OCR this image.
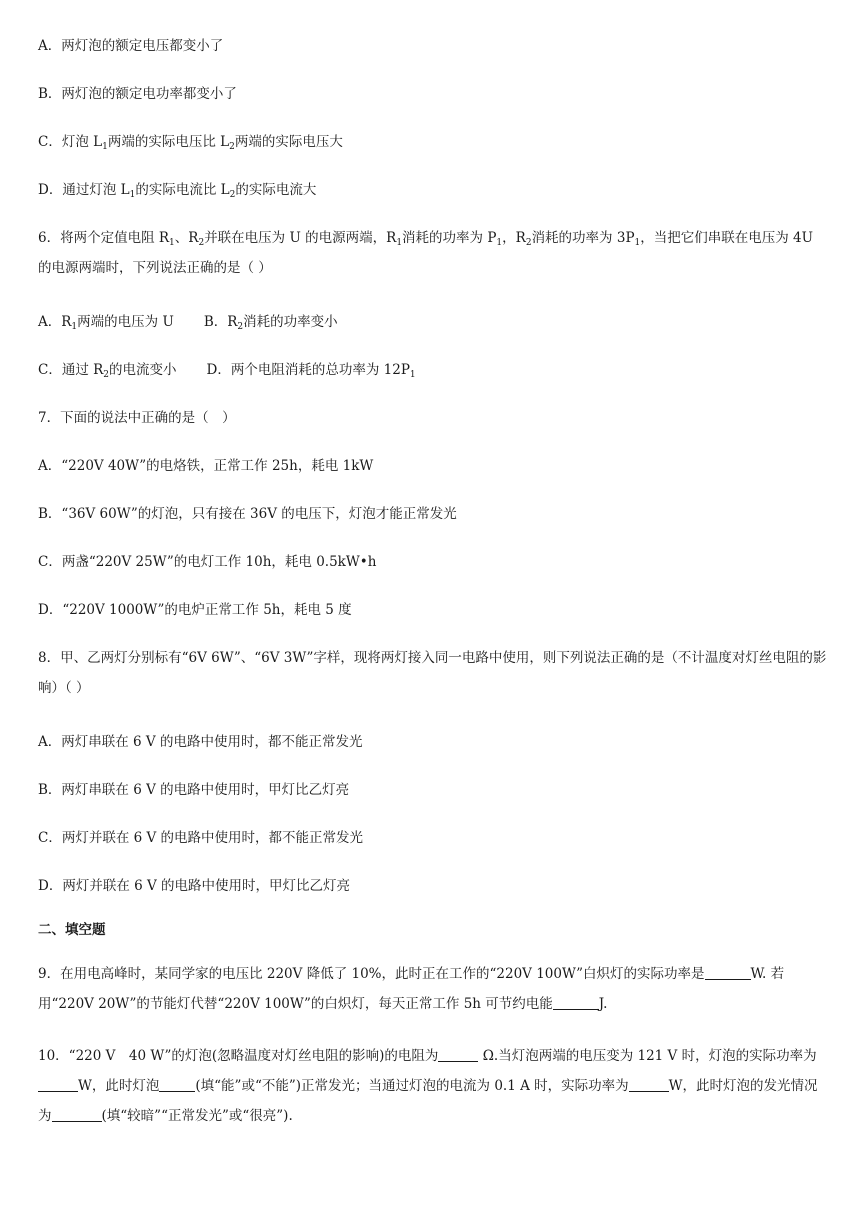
A．两灯泡的额定电压都变小了
B．两灯泡的额定电功率都变小了
C．灯泡 $L_1$两端的实际电压比 $L_2$两端的实际电压大
D．通过灯泡 $L_1$的实际电流比 $L_2$的实际电流大
6．将两个定值电阻 $R_1$、$R_2$并联在电压为 U 的电源两端，$R_1$消耗的功率为 $P_1$，$R_2$消耗的功率为 $3P_1$，当把它们串联在电压为 4U 的电源两端时，下列说法正确的是（ ）
A．$R_1$两端的电压为 U B．$R_2$消耗的功率变小
C．通过 $R_2$的电流变小 D．两个电阻消耗的总功率为 $12P_1$
7．下面的说法中正确的是（　）
A．“220V 40W”的电烙铁，正常工作 25h，耗电 1kW
B．“36V 60W”的灯泡，只有接在 36V 的电压下，灯泡才能正常发光
C．两盏“220V 25W”的电灯工作 10h，耗电 0.5kW•h
D．“220V 1000W”的电炉正常工作 5h，耗电 5 度
8．甲、乙两灯分别标有“6V 6W”、“6V 3W”字样，现将两灯接入同一电路中使用，则下列说法正确的是（不计温度对灯丝电阻的影响）（ ）
A．两灯串联在 6 V 的电路中使用时，都不能正常发光
B．两灯串联在 6 V 的电路中使用时，甲灯比乙灯亮
C．两灯并联在 6 V 的电路中使用时，都不能正常发光
D．两灯并联在 6 V 的电路中使用时，甲灯比乙灯亮
二、填空题
9．在用电高峰时，某同学家的电压比 220V 降低了 10%，此时正在工作的“220V 100W”白炽灯的实际功率是	W. 若用“220V 20W”的节能灯代替“220V 100W”的白炽灯，每天正常工作 5h 可节约电能	J.
10．“220 V　40 W”的灯泡(忽略温度对灯丝电阻的影响)的电阻为	Ω.当灯泡两端的电压变为 121 V 时，灯泡的实际功率为W，此时灯泡	(填“能”或“不能”)正常发光；当通过灯泡的电流为 0.1 A 时，实际功率为	W，此时灯泡的发光情况为	(填“较暗”“正常发光”或“很亮”).
